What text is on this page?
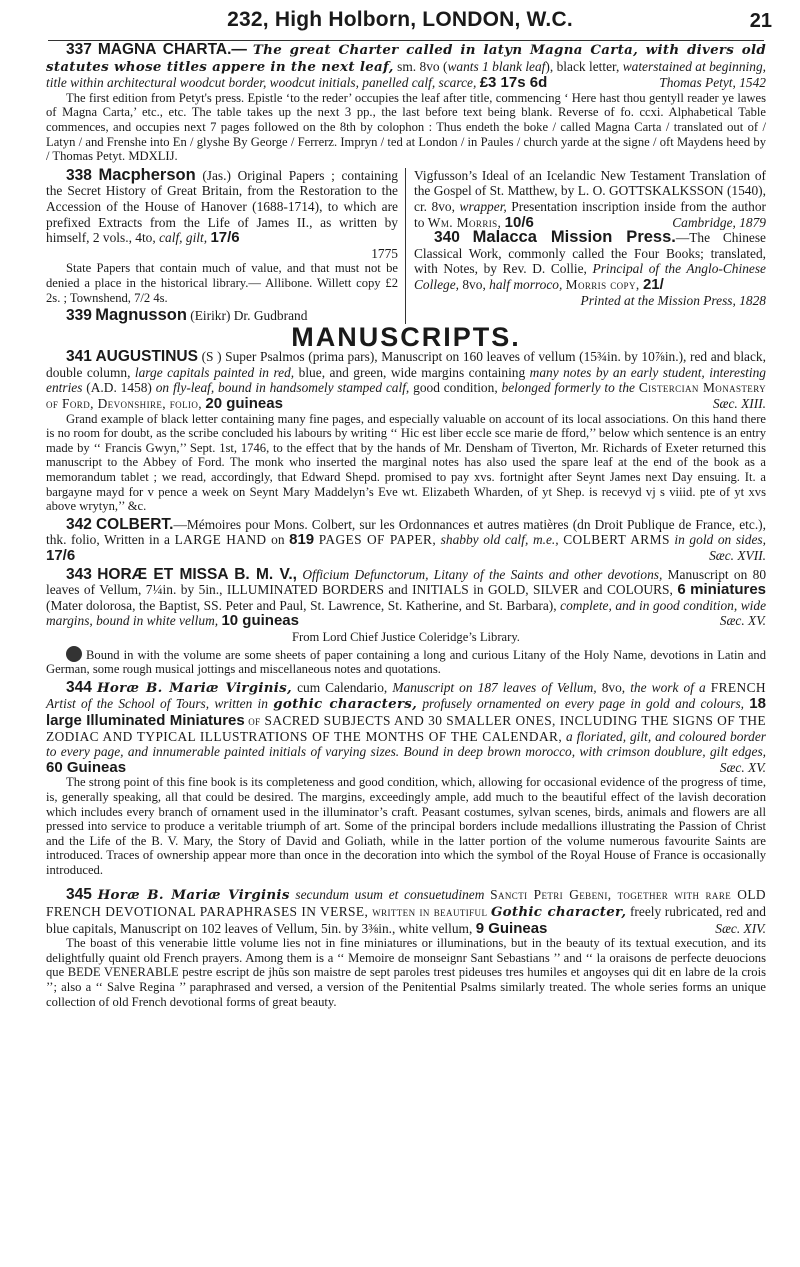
232, High Holborn, LONDON, W.C.	21

337 MAGNA CHARTA.— The great Charter called in latyn Magna Carta, with divers old statutes whose titles appere in the next leaf, sm. 8vo (wants 1 blank leaf), black letter, waterstained at beginning, title within architectural woodcut border, woodcut initials, panelled calf, scarce, £3 17s 6d	Thomas Petyt, 1542

The first edition from Petyt's press. Epistle ‘to the reder’ occupies the leaf after title, commencing ‘ Here hast thou gentyll reader ye lawes of Magna Carta,’ etc., etc. The table takes up the next 3 pp., the last before text being blank. Reverse of fo. ccxi. Alphabetical Table commences, and occupies next 7 pages followed on the 8th by colophon : Thus endeth the boke / called Magna Carta / translated out of / Latyn / and Frenshe into En / glyshe By George / Ferrerz. Impryn / ted at London / in Paules / church yarde at the signe / oft Maydens heed by / Thomas Petyt. MDXLIJ.

338 Macpherson (Jas.) Original Papers ; containing the Secret History of Great Britain, from the Restoration to the Accession of the House of Hanover (1688-1714), to which are prefixed Extracts from the Life of James II., as written by himself, 2 vols., 4to, calf, gilt, 17/6

1775

State Papers that contain much of value, and that must not be denied a place in the historical library.— Allibone. Willett copy £2 2s. ; Townshend, 7/2 4s.

339 Magnusson (Eirikr) Dr. Gudbrand

Vigfusson’s Ideal of an Icelandic New Testament Translation of the Gospel of St. Matthew, by L. O. GOTTSKALKSSON (1540), cr. 8vo, wrapper, Presentation inscription inside from the author to Wm. Morris, 10/6	Cambridge, 1879

340 Malacca Mission Press.—The Chinese Classical Work, commonly called the Four Books; translated, with Notes, by Rev. D. Collie, Principal of the Anglo-Chinese College, 8vo, half morroco, Morris copy, 21/
Printed at the Mission Press, 1828

MANUSCRIPTS.

341 AUGUSTINUS (S ) Super Psalmos (prima pars), Manuscript on 160 leaves of vellum (15¾in. by 10⅞in.), red and black, double column, large capitals painted in red, blue, and green, wide margins containing many notes by an early student, interesting entries (A.D. 1458) on fly-leaf, bound in handsomely stamped calf, good condition, belonged formerly to the Cistercian Monastery of Ford, Devonshire, folio, 20 guineas	Sæc. XIII.

Grand example of black letter containing many fine pages, and especially valuable on account of its local associations. On this hand there is no room for doubt, as the scribe concluded his labours by writing ‘‘ Hic est liber eccle sce marie de fford,’’ below which sentence is an entry made by ‘‘ Francis Gwyn,’’ Sept. 1st, 1746, to the effect that by the hands of Mr. Densham of Tiverton, Mr. Richards of Exeter returned this manuscript to the Abbey of Ford. The monk who inserted the marginal notes has also used the spare leaf at the end of the book as a memorandum tablet ; we read, accordingly, that Edward Shepd. promised to pay xvs. fortnight after Seynt James next Day ensuing. It. a bargayne mayd for v pence a week on Seynt Mary Maddelyn’s Eve wt. Elizabeth Wharden, of yt Shep. is recevyd vj s viiid. pte of yt xvs above wrytyn,’’ &c.

342 COLBERT.—Mémoires pour Mons. Colbert, sur les Ordonnances et autres matières (dn Droit Publique de France, etc.), thk. folio, Written in a LARGE HAND on 819 PAGES OF PAPER, shabby old calf, m.e., COLBERT ARMS in gold on sides, 17/6	Sæc. XVII.

343 HORÆ ET MISSA B. M. V., Officium Defunctorum, Litany of the Saints and other devotions, Manuscript on 80 leaves of Vellum, 7¼in. by 5in., ILLUMINATED BORDERS and INITIALS in GOLD, SILVER and COLOURS, 6 miniatures (Mater dolorosa, the Baptist, SS. Peter and Paul, St. Lawrence, St. Katherine, and St. Barbara), complete, and in good condition, wide margins, bound in white vellum, 10 guineas	Sæc. XV.

From Lord Chief Justice Coleridge’s Library.

Bound in with the volume are some sheets of paper containing a long and curious Litany of the Holy Name, devotions in Latin and German, some rough musical jottings and miscellaneous notes and quotations.

344 Horæ B. Mariæ Virginis, cum Calendario, Manuscript on 187 leaves of Vellum, 8vo, the work of a FRENCH Artist of the School of Tours, written in gothic characters, profusely ornamented on every page in gold and colours, 18 large Illuminated Miniatures of SACRED SUBJECTS AND 30 SMALLER ONES, INCLUDING THE SIGNS OF THE ZODIAC AND TYPICAL ILLUSTRATIONS OF THE MONTHS OF THE CALENDAR, a floriated, gilt, and coloured border to every page, and innumerable painted initials of varying sizes. Bound in deep brown morocco, with crimson doublure, gilt edges, 60 Guineas	Sæc. XV.

The strong point of this fine book is its completeness and good condition, which, allowing for occasional evidence of the progress of time, is, generally speaking, all that could be desired. The margins, exceedingly ample, add much to the beautiful effect of the lavish decoration which includes every branch of ornament used in the illuminator’s craft. Peasant costumes, sylvan scenes, birds, animals and flowers are all pressed into service to produce a veritable triumph of art. Some of the principal borders include medallions illustrating the Passion of Christ and the Life of the B. V. Mary, the Story of David and Goliath, while in the latter portion of the volume numerous favourite Saints are introduced. Traces of ownership appear more than once in the decoration into which the symbol of the Royal House of France is occasionally introduced.

345 Horæ B. Mariæ Virginis secundum usum et consuetudinem Sancti Petri Gebeni, together with rare OLD FRENCH DEVOTIONAL PARAPHRASES IN VERSE, written in beautiful Gothic character, freely rubricated, red and blue capitals, Manuscript on 102 leaves of Vellum, 5in. by 3⅜in., white vellum, 9 Guineas	Sæc. XIV.

The boast of this venerabie little volume lies not in fine miniatures or illuminations, but in the beauty of its textual execution, and its delightfully quaint old French prayers. Among them is a ‘‘ Memoire de monseignr Sant Sebastians ’’ and ‘‘ la oraisons de perfecte deuocions que BEDE VENERABLE pestre escript de jhũs son maistre de sept paroles trest pideuses tres humiles et angoyses qui dit en labre de la crois ’’; also a ‘‘ Salve Regina ’’ paraphrased and versed, a version of the Penitential Psalms similarly treated. The whole series forms an unique collection of old French devotional forms of great beauty.
